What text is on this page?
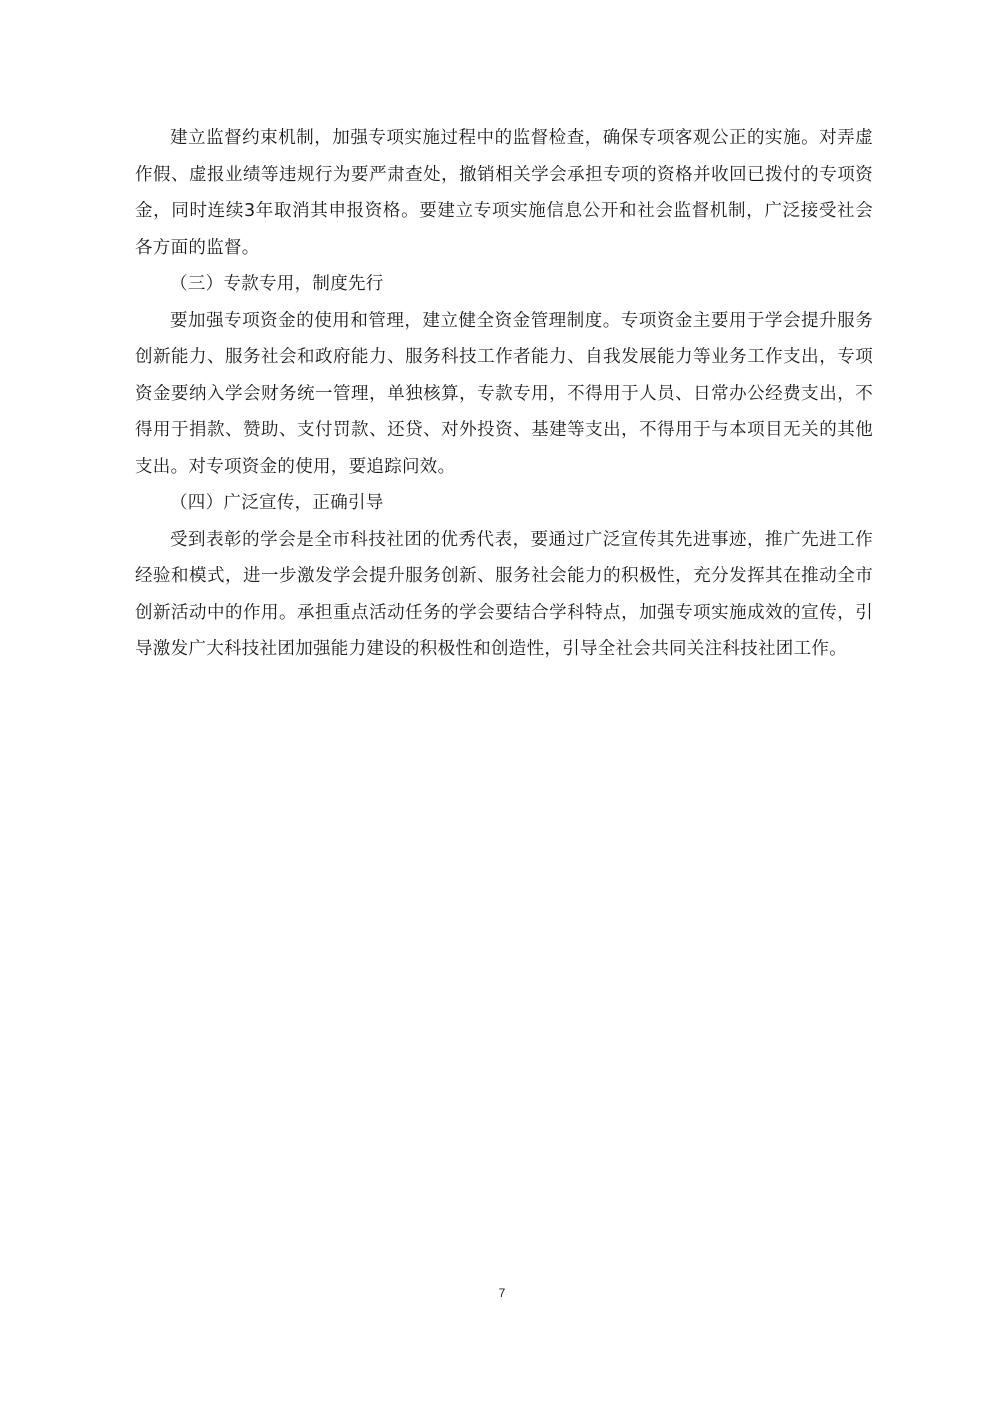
建立监督约束机制，加强专项实施过程中的监督检查，确保专项客观公正的实施。对弄虚作假、虚报业绩等违规行为要严肃查处，撤销相关学会承担专项的资格并收回已拨付的专项资金，同时连续3年取消其申报资格。要建立专项实施信息公开和社会监督机制，广泛接受社会各方面的监督。

（三）专款专用，制度先行

要加强专项资金的使用和管理，建立健全资金管理制度。专项资金主要用于学会提升服务创新能力、服务社会和政府能力、服务科技工作者能力、自我发展能力等业务工作支出，专项资金要纳入学会财务统一管理，单独核算，专款专用，不得用于人员、日常办公经费支出，不得用于捐款、赞助、支付罚款、还贷、对外投资、基建等支出，不得用于与本项目无关的其他支出。对专项资金的使用，要追踪问效。

（四）广泛宣传，正确引导

受到表彰的学会是全市科技社团的优秀代表，要通过广泛宣传其先进事迹，推广先进工作经验和模式，进一步激发学会提升服务创新、服务社会能力的积极性，充分发挥其在推动全市创新活动中的作用。承担重点活动任务的学会要结合学科特点，加强专项实施成效的宣传，引导激发广大科技社团加强能力建设的积极性和创造性，引导全社会共同关注科技社团工作。

7
